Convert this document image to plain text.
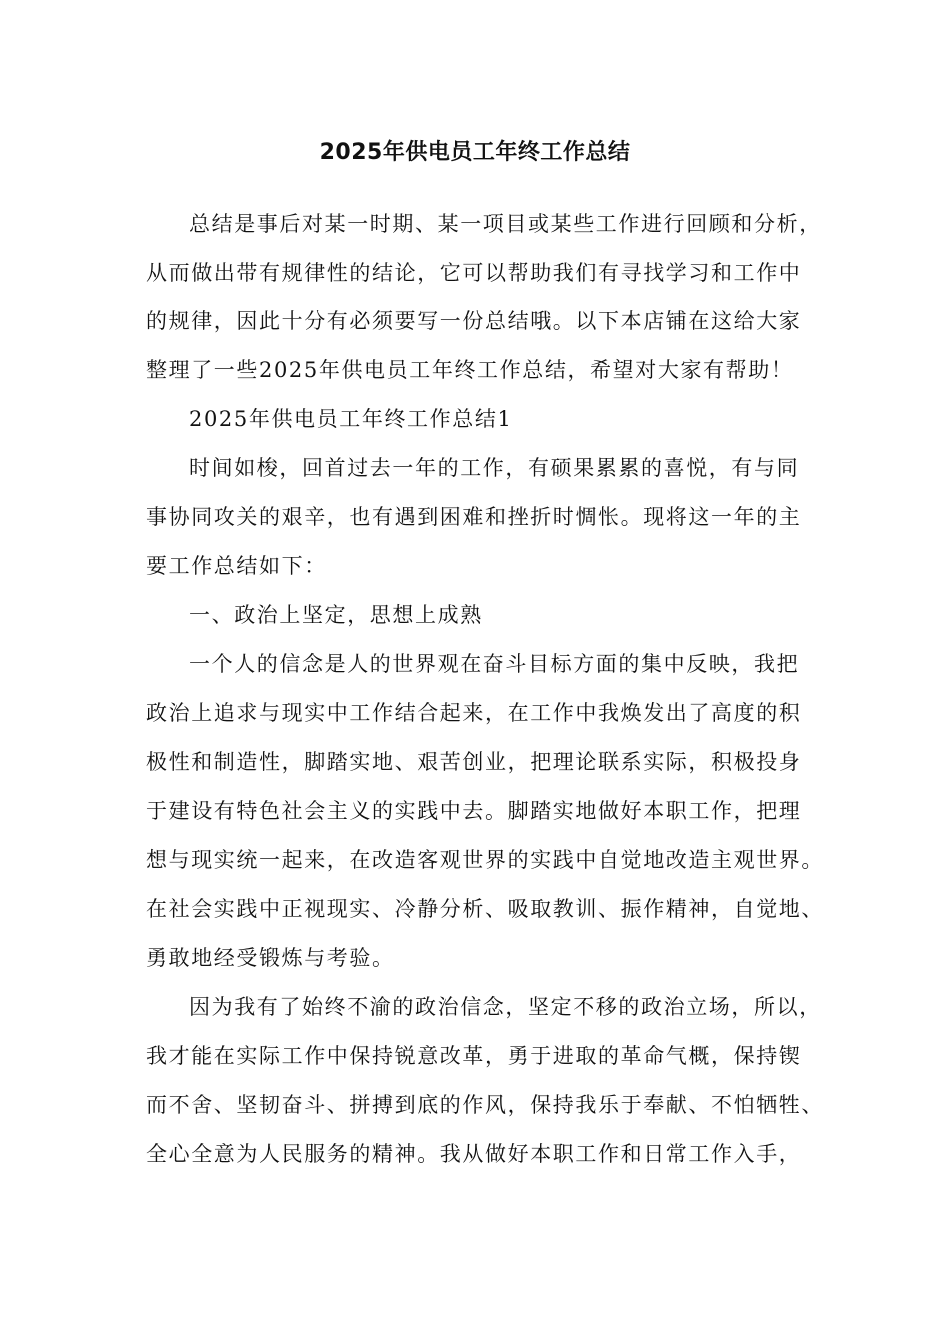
2025年供电员工年终工作总结
总结是事后对某一时期、某一项目或某些工作进行回顾和分析，
从而做出带有规律性的结论，它可以帮助我们有寻找学习和工作中
的规律，因此十分有必须要写一份总结哦。以下本店铺在这给大家
整理了一些2025年供电员工年终工作总结，希望对大家有帮助！
2025年供电员工年终工作总结1
时间如梭，回首过去一年的工作，有硕果累累的喜悦，有与同
事协同攻关的艰辛，也有遇到困难和挫折时惆怅。现将这一年的主
要工作总结如下：
一、政治上坚定，思想上成熟
一个人的信念是人的世界观在奋斗目标方面的集中反映，我把
政治上追求与现实中工作结合起来，在工作中我焕发出了高度的积
极性和制造性，脚踏实地、艰苦创业，把理论联系实际，积极投身
于建设有特色社会主义的实践中去。脚踏实地做好本职工作，把理
想与现实统一起来，在改造客观世界的实践中自觉地改造主观世界。
在社会实践中正视现实、冷静分析、吸取教训、振作精神，自觉地、
勇敢地经受锻炼与考验。
因为我有了始终不渝的政治信念，坚定不移的政治立场，所以，
我才能在实际工作中保持锐意改革，勇于进取的革命气概，保持锲
而不舍、坚韧奋斗、拼搏到底的作风，保持我乐于奉献、不怕牺牲、
全心全意为人民服务的精神。我从做好本职工作和日常工作入手，
